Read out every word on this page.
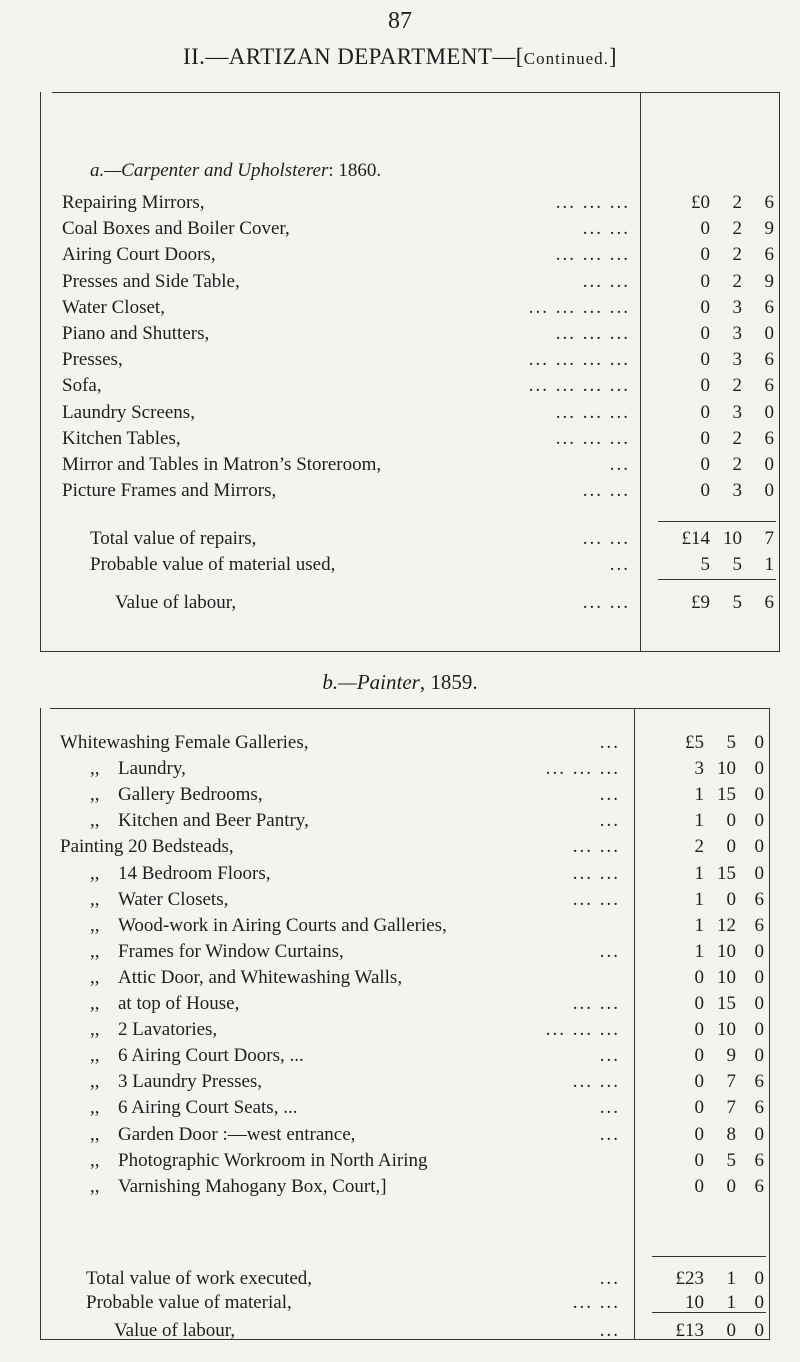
87
II.—ARTIZAN DEPARTMENT—[Continued.]
a.—Carpenter and Upholsterer: 1860.
Repairing Mirrors,	... ... ...	£0	2	6
Coal Boxes and Boiler Cover,	... ...	0	2	9
Airing Court Doors,	... ... ...	0	2	6
Presses and Side Table,	... ...	0	2	9
Water Closet,	... ... ... ...	0	3	6
Piano and Shutters,	... ... ...	0	3	0
Presses,	... ... ... ...	0	3	6
Sofa,	... ... ... ...	0	2	6
Laundry Screens,	... ... ...	0	3	0
Kitchen Tables,	... ... ...	0	2	6
Mirror and Tables in Matron’s Storeroom,	...	0	2	0
Picture Frames and Mirrors,	... ...	0	3	0
Total value of repairs,	... ...	£14 10	7
Probable value of material used,	...	5	5	1
Value of labour,	... ...	£9	5	6
b.—Painter, 1859.
Whitewashing Female Galleries,	...	£5	5 0
,, Laundry,	... ... ...	3 10 0
,, Gallery Bedrooms,	...	1 15 0
,, Kitchen and Beer Pantry,	...	1	0 0
Painting 20 Bedsteads,	... ...	2	0 0
,, 14 Bedroom Floors,	... ...	1 15 0
,, Water Closets,	... ...	1	0 6
,, Wood-work in Airing Courts and Galleries,	1 12 6
,, Frames for Window Curtains,	...	1 10 0
,, Attic Door, and Whitewashing Walls,	0 10 0
,, at top of House,	... ...	0 15 0
,, 2 Lavatories,	... ... ...	0 10 0
,, 6 Airing Court Doors, ...	...	0	9 0
,, 3 Laundry Presses,	... ...	0	7 6
,, 6 Airing Court Seats, ...	...	0	7 6
,, Garden Door :—west entrance,	...	0	8 0
,, Photographic Workroom in North Airing	0	5 6
,, Varnishing Mahogany Box, Court,]	0	0 6
Total value of work executed,	...	£23	1 0
Probable value of material,	... ...	10	1 0
Value of labour,	...	£13	0 0
